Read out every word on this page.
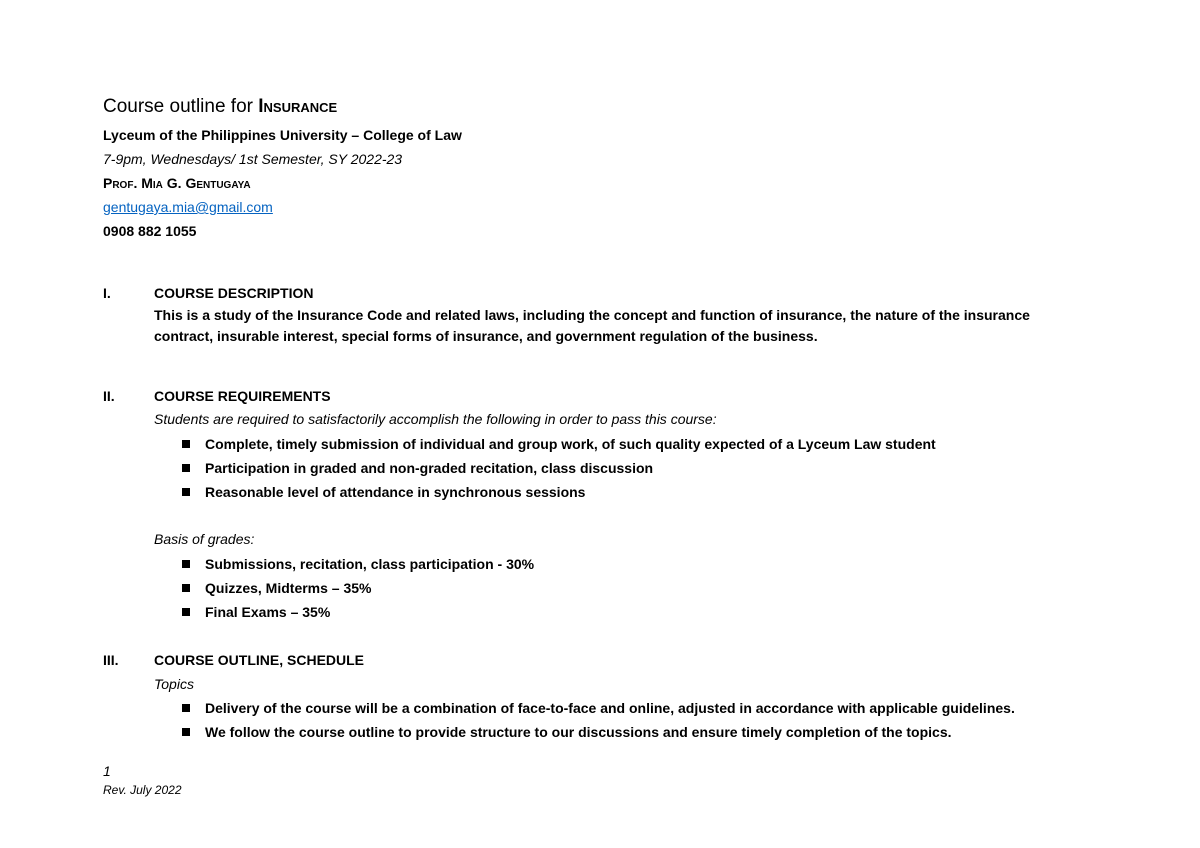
Course outline for Insurance
Lyceum of the Philippines University – College of Law
7-9pm, Wednesdays/ 1st Semester, SY 2022-23
Prof. Mia G. Gentugaya
gentugaya.mia@gmail.com
0908 882 1055
I.	COURSE DESCRIPTION
This is a study of the Insurance Code and related laws, including the concept and function of insurance, the nature of the insurance contract, insurable interest, special forms of insurance, and government regulation of the business.
II.	COURSE REQUIREMENTS
Students are required to satisfactorily accomplish the following in order to pass this course:
Complete, timely submission of individual and group work, of such quality expected of a Lyceum Law student
Participation in graded and non-graded recitation, class discussion
Reasonable level of attendance in synchronous sessions
Basis of grades:
Submissions, recitation, class participation - 30%
Quizzes, Midterms – 35%
Final Exams – 35%
III.	COURSE OUTLINE, SCHEDULE
Topics
Delivery of the course will be a combination of face-to-face and online, adjusted in accordance with applicable guidelines.
We follow the course outline to provide structure to our discussions and ensure timely completion of the topics.
1
Rev. July 2022
